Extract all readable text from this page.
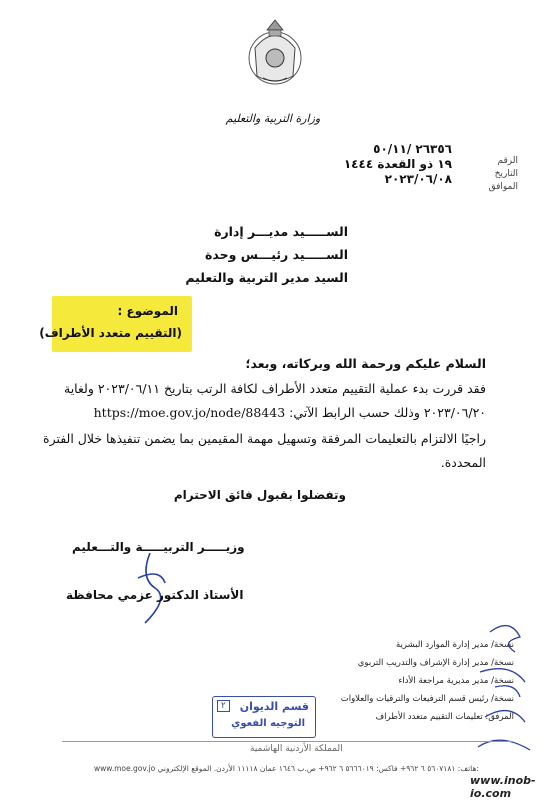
وزارة التربية والتعليم
٢٦٣٥٦ /٥٠/١١
١٩ ذو القعدة ١٤٤٤
٢٠٢٣/٠٦/٠٨
الرقم
التاريخ
الموافق
الســـــيد مديـــر إدارة
الســـــيد رئيـــس وحدة
السيد مدير التربية والتعليم
الموضوع :
(التقييم متعدد الأطراف)
السلام عليكم ورحمة الله وبركاته، وبعد؛
فقد قررت بدء عملية التقييم متعدد الأطراف لكافة الرتب بتاريخ ٢٠٢٣/٠٦/١١ ولغاية
٢٠٢٣/٠٦/٢٠ وذلك حسب الرابط الآتي: https://moe.gov.jo/node/88443
راجيًا الالتزام بالتعليمات المرفقة وتسهيل مهمة المقيمين بما يضمن تنفيذها خلال الفترة
المحددة.
وتفضلوا بقبول فائق الاحترام
وزيـــــر التربيـــــة والتـــعليم
الأستاذ الدكتور عزمي محافظة
نسخة/ مدير إدارة الموارد البشرية
نسخة/ مدير إدارة الإشراف والتدريب التربوي
نسخة/ مدير مديرية مراجعة الأداء
نسخة/ رئيس قسم الترفيعات والترقيات والعلاوات
المرفق: تعليمات التقييم متعدد الأطراف
قسم الديوان
التوجيه الفعوي
٢
المملكة الأردنية الهاشمية
www.moe.gov.jo هاتف: ٥٦٠٧١٨١ ٦ ٩٦٢+ فاكس: ٥٦٦٦٠١٩ ٦ ٩٦٢+ ص.ب ١٦٤٦ عمان ١١١١٨ الأردن. الموقع الإلكتروني:
www.inob-io.com
